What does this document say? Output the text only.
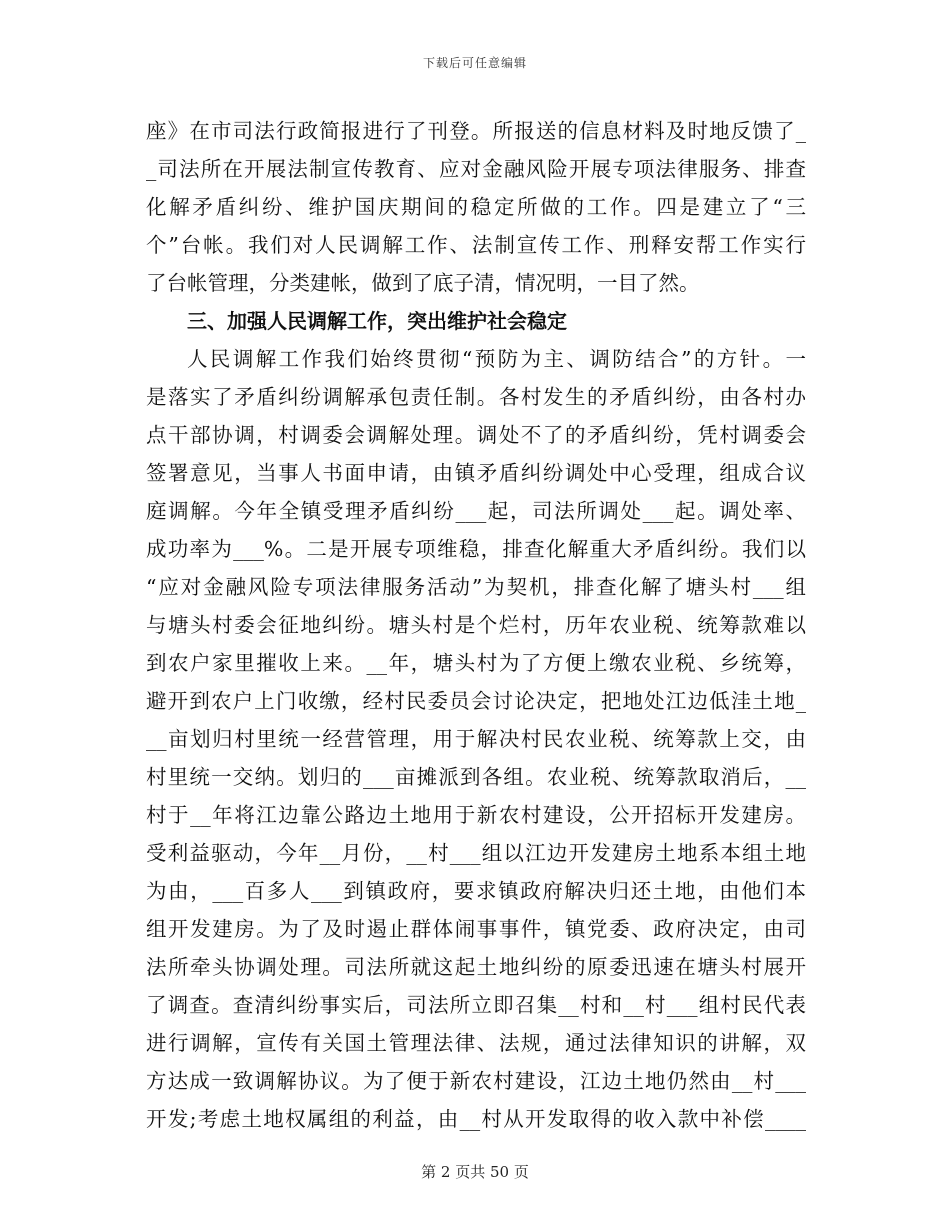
下载后可任意编辑
座》在市司法行政简报进行了刊登。所报送的信息材料及时地反馈了_
_司法所在开展法制宣传教育、应对金融风险开展专项法律服务、排查
化解矛盾纠纷、维护国庆期间的稳定所做的工作。四是建立了“三
个”台帐。我们对人民调解工作、法制宣传工作、刑释安帮工作实行
了台帐管理，分类建帐，做到了底子清，情况明，一目了然。
三、加强人民调解工作，突出维护社会稳定
人民调解工作我们始终贯彻“预防为主、调防结合”的方针。一
是落实了矛盾纠纷调解承包责任制。各村发生的矛盾纠纷，由各村办
点干部协调，村调委会调解处理。调处不了的矛盾纠纷，凭村调委会
签署意见，当事人书面申请，由镇矛盾纠纷调处中心受理，组成合议
庭调解。今年全镇受理矛盾纠纷___起，司法所调处___起。调处率、
成功率为___%。二是开展专项维稳，排查化解重大矛盾纠纷。我们以
“应对金融风险专项法律服务活动”为契机，排查化解了塘头村___组
与塘头村委会征地纠纷。塘头村是个烂村，历年农业税、统筹款难以
到农户家里摧收上来。__年，塘头村为了方便上缴农业税、乡统筹，
避开到农户上门收缴，经村民委员会讨论决定，把地处江边低洼土地_
__亩划归村里统一经营管理，用于解决村民农业税、统筹款上交，由
村里统一交纳。划归的___亩摊派到各组。农业税、统筹款取消后，__
村于__年将江边靠公路边土地用于新农村建设，公开招标开发建房。
受利益驱动，今年__月份，__村___组以江边开发建房土地系本组土地
为由，___百多人___到镇政府，要求镇政府解决归还土地，由他们本
组开发建房。为了及时遏止群体闹事事件，镇党委、政府决定，由司
法所牵头协调处理。司法所就这起土地纠纷的原委迅速在塘头村展开
了调查。查清纠纷事实后，司法所立即召集__村和__村___组村民代表
进行调解，宣传有关国土管理法律、法规，通过法律知识的讲解，双
方达成一致调解协议。为了便于新农村建设，江边土地仍然由__村___
开发;考虑土地权属组的利益，由__村从开发取得的收入款中补偿____
第 2 页共 50 页
